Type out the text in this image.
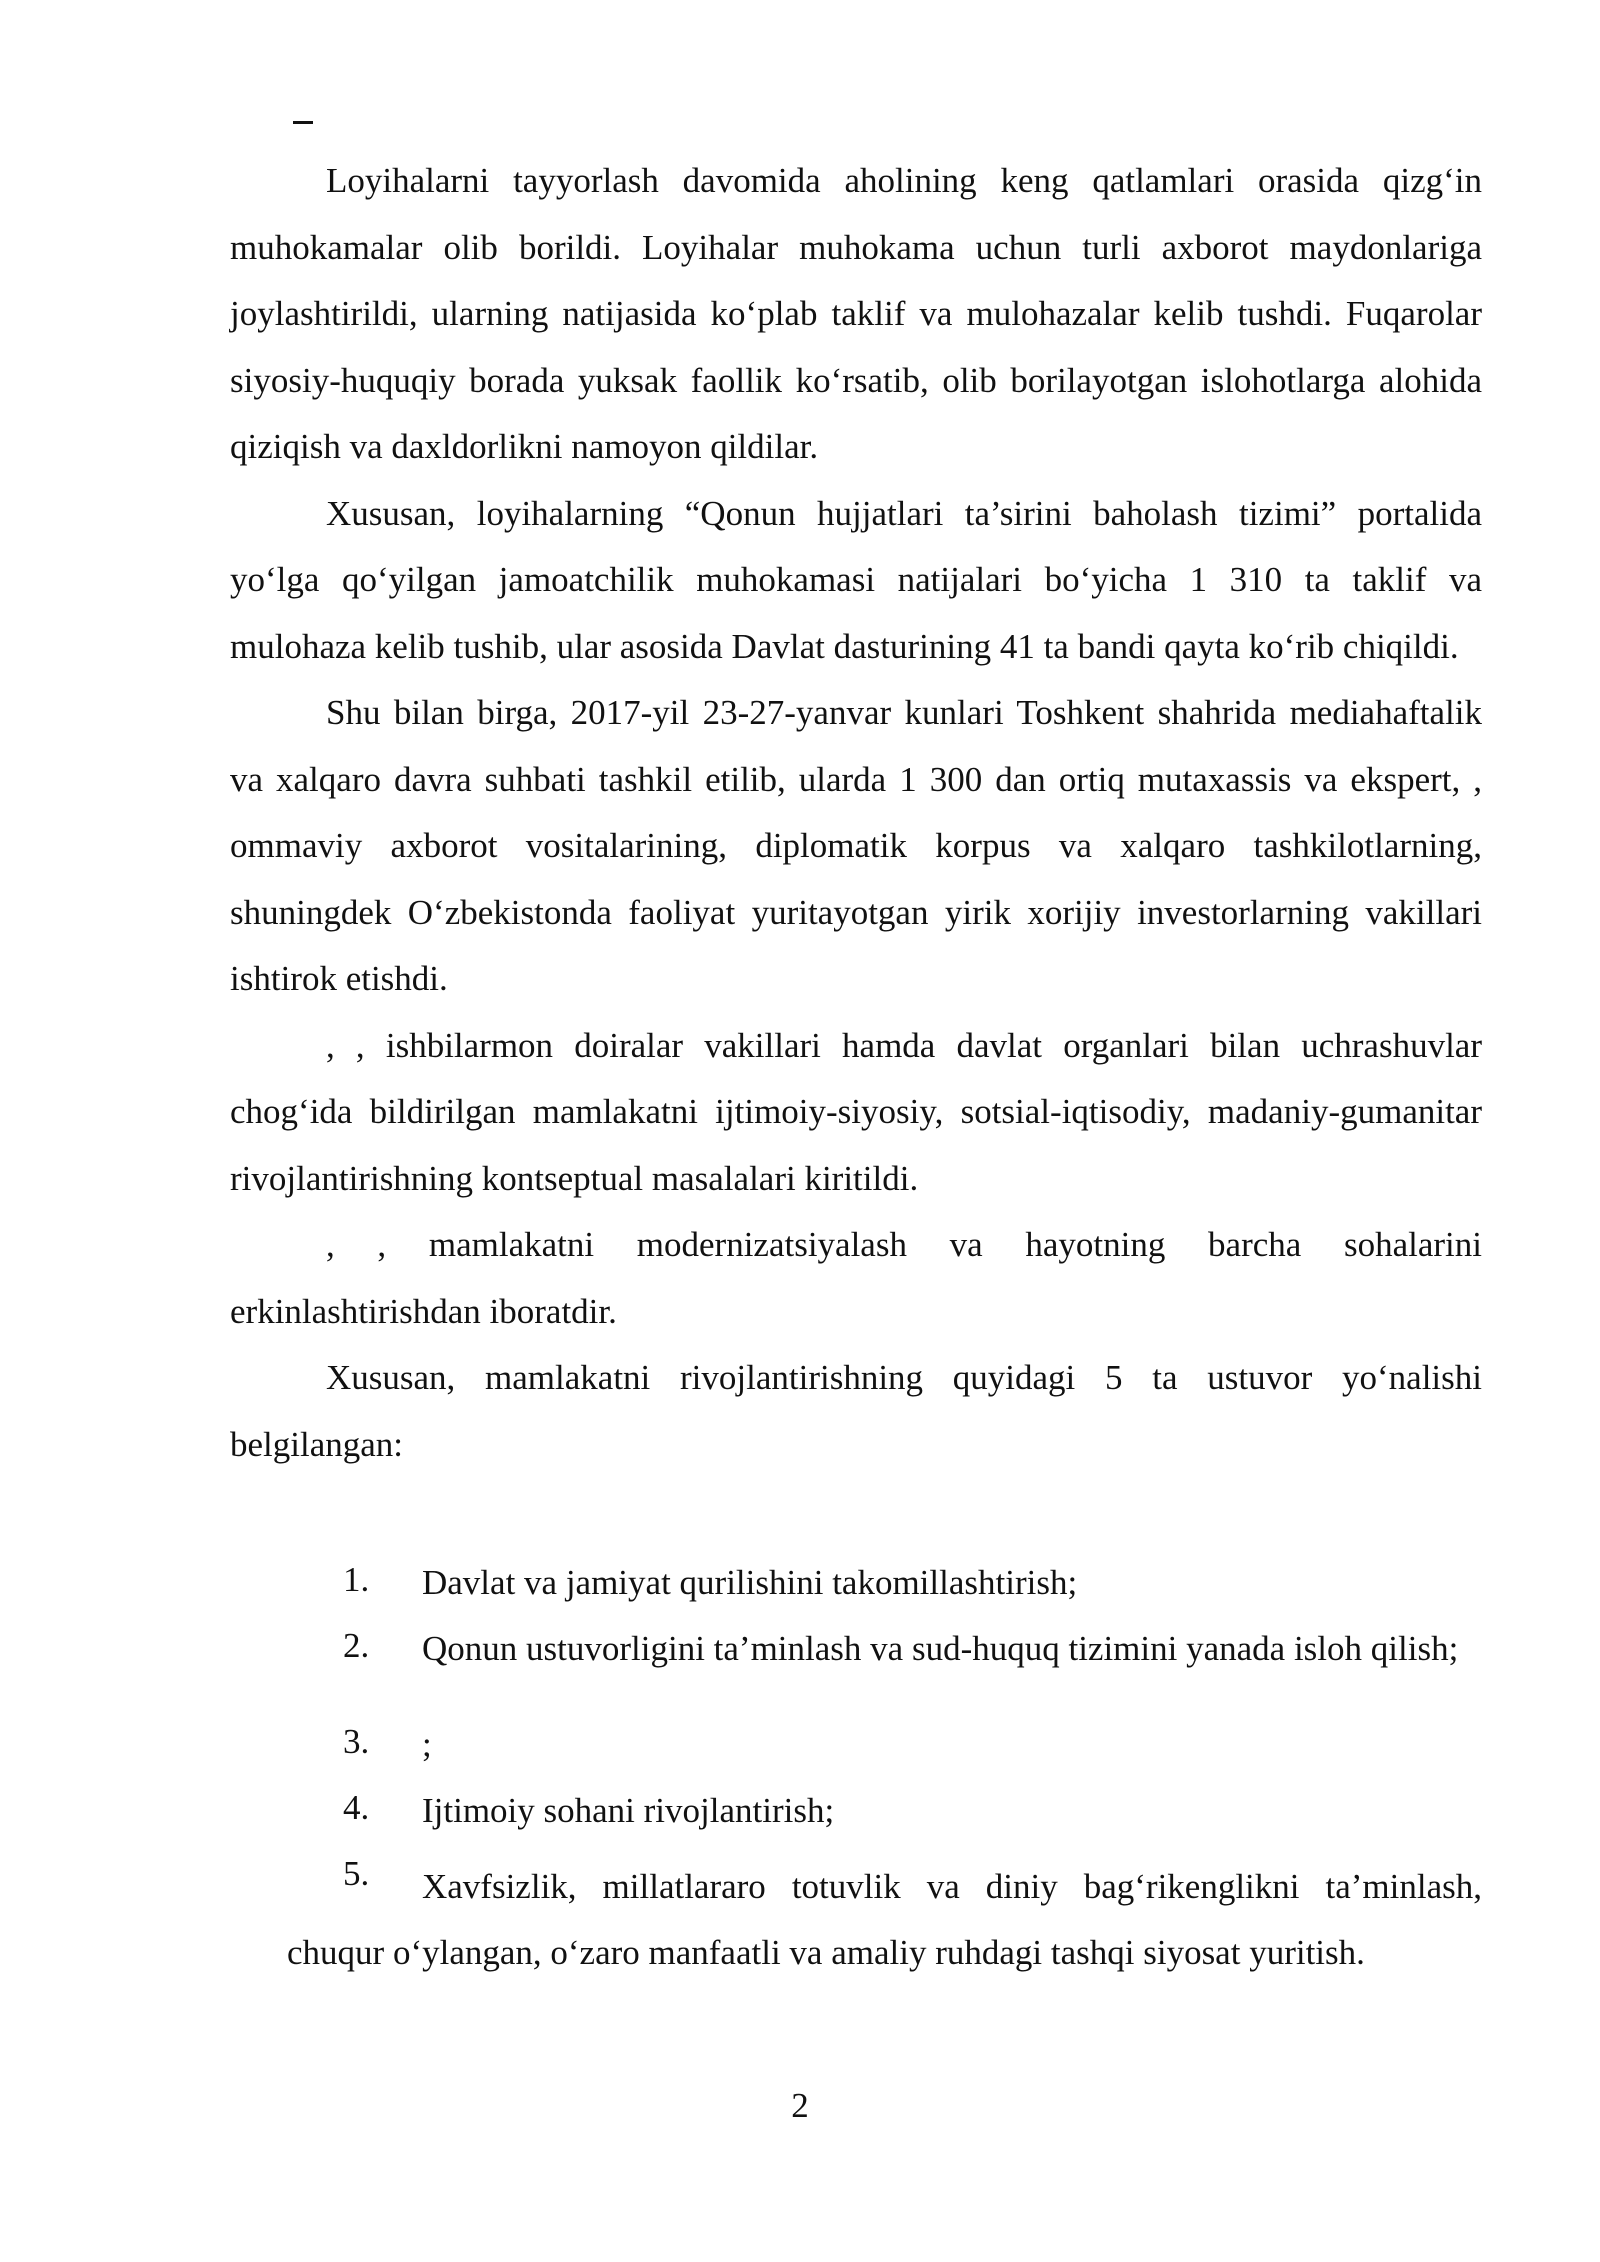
Loyihalarni tayyorlash davomida aholining keng qatlamlari orasida qizg‘in muhokamalar olib borildi. Loyihalar muhokama uchun turli axborot maydonlariga joylashtirildi, ularning natijasida ko‘plab taklif va mulohazalar kelib tushdi. Fuqarolar siyosiy-huquqiy borada yuksak faollik ko‘rsatib, olib borilayotgan islohotlarga alohida qiziqish va daxldorlikni namoyon qildilar.

Xususan, loyihalarning “Qonun hujjatlari ta’sirini baholash tizimi” portalida yo‘lga qo‘yilgan jamoatchilik muhokamasi natijalari bo‘yicha 1 310 ta taklif va mulohaza kelib tushib, ular asosida Davlat dasturining 41 ta bandi qayta ko‘rib chiqildi.

Shu bilan birga, 2017-yil 23-27-yanvar kunlari Toshkent shahrida mediahaftalik va xalqaro davra suhbati tashkil etilib, ularda 1 300 dan ortiq mutaxassis va ekspert, , ommaviy axborot vositalarining, diplomatik korpus va xalqaro tashkilotlarning, shuningdek O‘zbekistonda faoliyat yuritayotgan yirik xorijiy investorlarning vakillari ishtirok etishdi.

, , ishbilarmon doiralar vakillari hamda davlat organlari bilan uchrashuvlar chog‘ida bildirilgan mamlakatni ijtimoiy-siyosiy, sotsial-iqtisodiy, madaniy-gumanitar rivojlantirishning kontseptual masalalari kiritildi.

, , mamlakatni modernizatsiyalash va hayotning barcha sohalarini erkinlashtirishdan iboratdir.

Xususan, mamlakatni rivojlantirishning quyidagi 5 ta ustuvor yo‘nalishi belgilangan:

1.	Davlat va jamiyat qurilishini takomillashtirish;
2.	Qonun ustuvorligini ta’minlash va sud-huquq tizimini yanada isloh qilish;
3.	;
4.	Ijtimoiy sohani rivojlantirish;
5.	Xavfsizlik, millatlararo totuvlik va diniy bag‘rikenglikni ta’minlash, chuqur o‘ylangan, o‘zaro manfaatli va amaliy ruhdagi tashqi siyosat yuritish.
2
